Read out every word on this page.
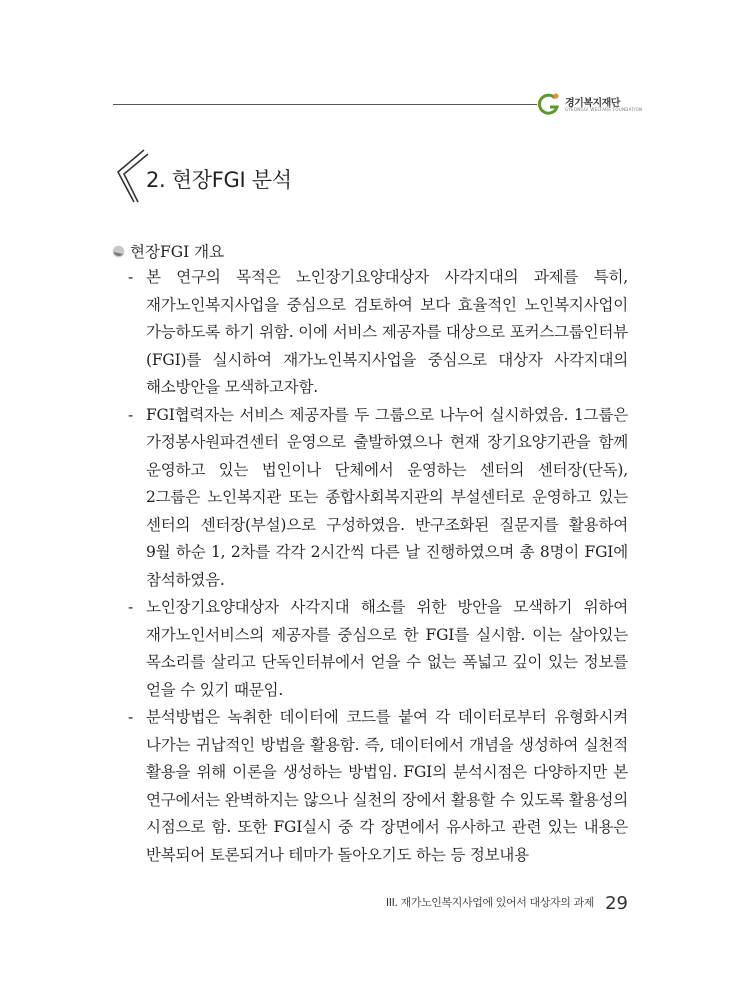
경기복지재단
GYEONGGI WELFARE FOUNDATION
2. 현장FGI 분석
현장FGI 개요
- 본 연구의 목적은 노인장기요양대상자 사각지대의 과제를 특히, 재가노인복지사업을 중심으로 검토하여 보다 효율적인 노인복지사업이 가능하도록 하기 위함. 이에 서비스 제공자를 대상으로 포커스그룹인터뷰(FGI)를 실시하여 재가노인복지사업을 중심으로 대상자 사각지대의 해소방안을 모색하고자함.
- FGI협력자는 서비스 제공자를 두 그룹으로 나누어 실시하였음. 1그룹은 가정봉사원파견센터 운영으로 출발하였으나 현재 장기요양기관을 함께 운영하고 있는 법인이나 단체에서 운영하는 센터의 센터장(단독), 2그룹은 노인복지관 또는 종합사회복지관의 부설센터로 운영하고 있는 센터의 센터장(부설)으로 구성하였음. 반구조화된 질문지를 활용하여 9월 하순 1, 2차를 각각 2시간씩 다른 날 진행하였으며 총 8명이 FGI에 참석하였음.
- 노인장기요양대상자 사각지대 해소를 위한 방안을 모색하기 위하여 재가노인서비스의 제공자를 중심으로 한 FGI를 실시함. 이는 살아있는 목소리를 살리고 단독인터뷰에서 얻을 수 없는 폭넓고 깊이 있는 정보를 얻을 수 있기 때문임.
- 분석방법은 녹취한 데이터에 코드를 붙여 각 데이터로부터 유형화시켜 나가는 귀납적인 방법을 활용함. 즉, 데이터에서 개념을 생성하여 실천적 활용을 위해 이론을 생성하는 방법임. FGI의 분석시점은 다양하지만 본 연구에서는 완벽하지는 않으나 실천의 장에서 활용할 수 있도록 활용성의 시점으로 함. 또한 FGI실시 중 각 장면에서 유사하고 관련 있는 내용은 반복되어 토론되거나 테마가 돌아오기도 하는 등 정보내용
III. 재가노인복지사업에 있어서 대상자의 과제 29
